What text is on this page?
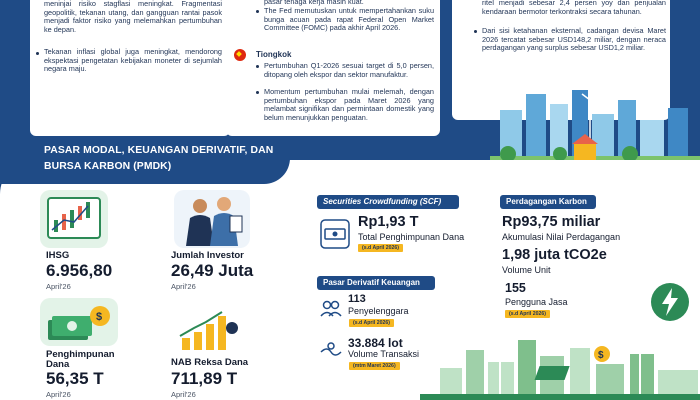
meninjai risiko stagflasi meningkat. Fragmentasi geopolitik, tekanan utang, dan gangguan rantai pasok menjadi faktor risiko yang melemahkan pertumbuhan ke depan.
Tekanan inflasi global juga meningkat, mendorong ekspektasi pengetatan kebijakan moneter di sejumlah negara maju.
pasar tenaga kerja masih kuat.
The Fed memutuskan untuk mempertahankan suku bunga acuan pada rapat Federal Open Market Committee (FOMC) pada akhir April 2026.
Tiongkok
Pertumbuhan Q1-2026 sesuai target di 5,0 persen, ditopang oleh ekspor dan sektor manufaktur.
Momentum pertumbuhan mulai melemah, dengan pertumbuhan ekspor pada Maret 2026 yang melambat signifikan dan permintaan domestik yang belum menunjukkan penguatan.
riteI menjadi sebesar 2,4 persen yoy dan penjualan kendaraan bermotor terkontraksi secara tahunan.
Dari sisi ketahanan eksternal, cadangan devisa Maret 2026 tercatat sebesar USD148,2 miliar, dengan neraca perdagangan yang surplus sebesar USD1,2 miliar.
PASAR MODAL, KEUANGAN DERIVATIF, DAN BURSA KARBON (PMDK)
IHSG
6.956,80
April'26
Jumlah Investor
26,49 Juta
April'26
$
Penghimpunan Dana
56,35 T
April'26
NAB Reksa Dana
711,89 T
April'26
Securities Crowdfunding (SCF)
Rp1,93 T
Total Penghimpunan Dana
(s.d April 2026)
Pasar Derivatif Keuangan
113
Penyelenggara
(s.d April 2026)
33.884 lot
Volume Transaksi
(mtm Maret 2026)
Perdagangan Karbon
Rp93,75 miliar
Akumulasi Nilai Perdagangan
1,98 juta tCO2e
Volume Unit
155
Pengguna Jasa
(s.d April 2026)
$
